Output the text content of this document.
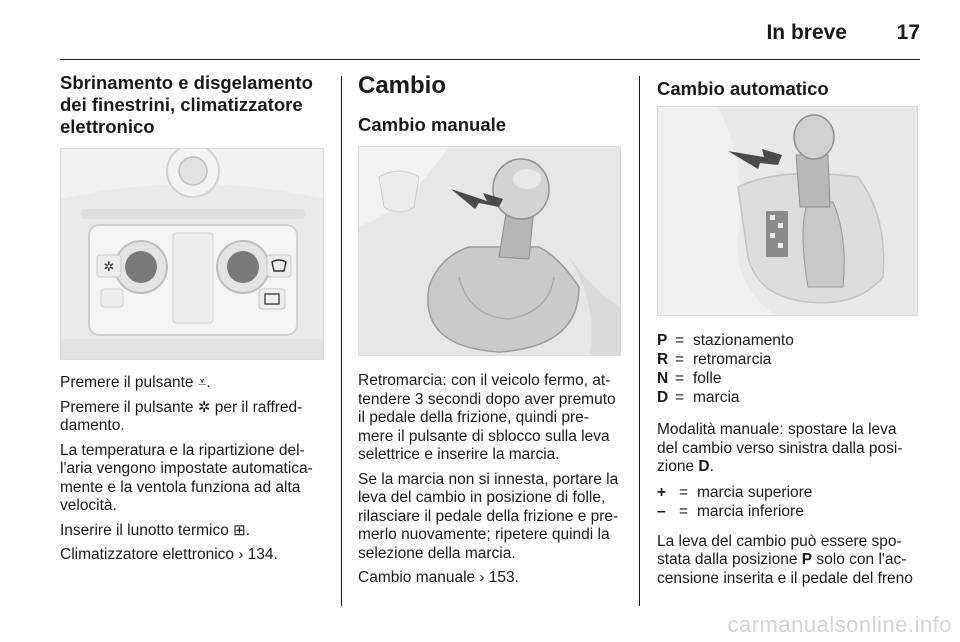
In breve 17
Sbrinamento e disgelamento
dei finestrini, climatizzatore
elettronico
✲
Premere il pulsante ⩡.
Premere il pulsante ✲ per il raffred-
damento.
La temperatura e la ripartizione del-
l'aria vengono impostate automatica-
mente e la ventola funziona ad alta
velocità.
Inserire il lunotto termico ⊞.
Climatizzatore elettronico › 134.
Cambio
Cambio manuale
Retromarcia: con il veicolo fermo, at-
tendere 3 secondi dopo aver premuto
il pedale della frizione, quindi pre-
mere il pulsante di sblocco sulla leva
selettrice e inserire la marcia.
Se la marcia non si innesta, portare la
leva del cambio in posizione di folle,
rilasciare il pedale della frizione e pre-
merlo nuovamente; ripetere quindi la
selezione della marcia.
Cambio manuale › 153.
Cambio automatico
P = stazionamento
R = retromarcia
N = folle
D = marcia
Modalità manuale: spostare la leva
del cambio verso sinistra dalla posi-
zione D.
+ = marcia superiore
– = marcia inferiore
La leva del cambio può essere spo-
stata dalla posizione P solo con l'ac-
censione inserita e il pedale del freno
carmanualsonline.info
